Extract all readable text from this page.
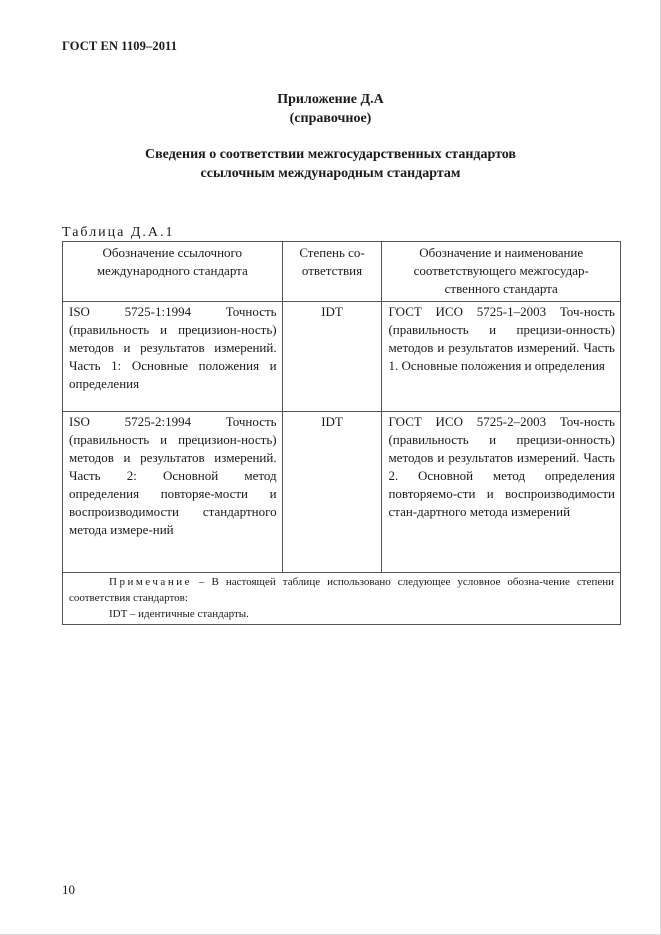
ГОСТ EN 1109–2011
Приложение Д.А
(справочное)
Сведения о соответствии межгосударственных стандартов
ссылочным международным стандартам
Таблица Д.А.1
Обозначение ссылочного международного стандарта	Степень со-ответствия	Обозначение и наименование соответствующего межгосудар-ственного стандарта
ISO 5725-1:1994 Точность (правильность и прецизион-ность) методов и результатов измерений. Часть 1: Основные положения и определения	IDT	ГОСТ ИСО 5725-1–2003 Точ-ность (правильность и прецизи-онность) методов и результатов измерений. Часть 1. Основные положения и определения
ISO 5725-2:1994 Точность (правильность и прецизион-ность) методов и результатов измерений. Часть 2: Основной метод определения повторяе-мости и воспроизводимости стандартного метода измере-ний	IDT	ГОСТ ИСО 5725-2–2003 Точ-ность (правильность и прецизи-онность) методов и результатов измерений. Часть 2. Основной метод определения повторяемо-сти и воспроизводимости стан-дартного метода измерений

Примечание – В настоящей таблице использовано следующее условное обозна-чение степени соответствия стандартов:
IDT – идентичные стандарты.		
10
